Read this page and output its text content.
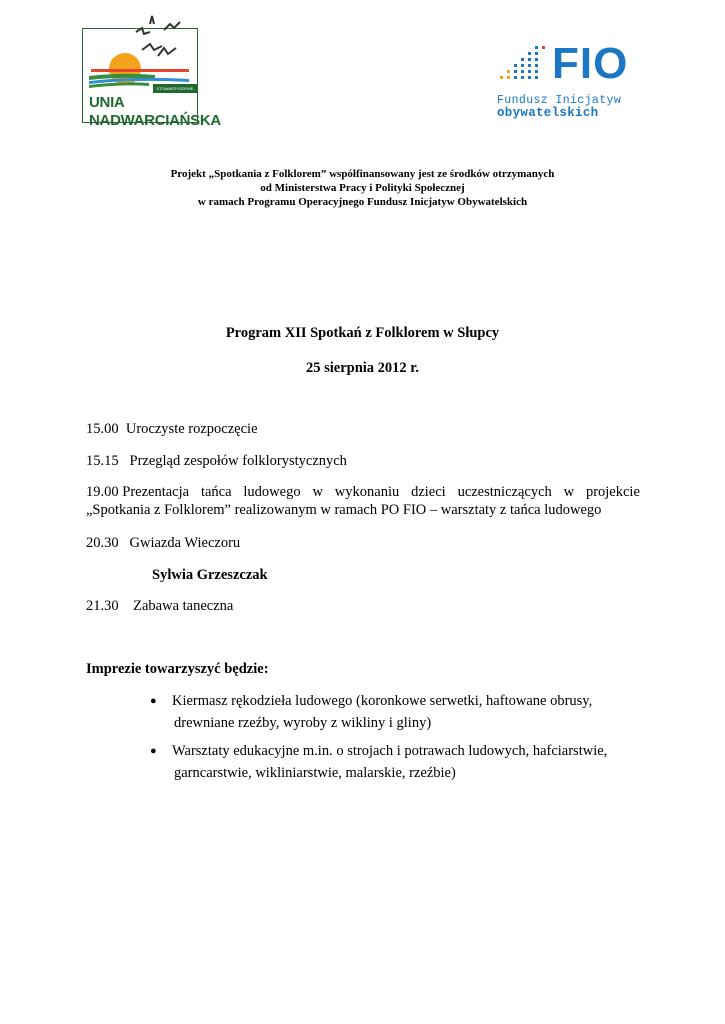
STOWARZYSZENIE
UNIA
NADWARCIAŃSKA
FIO
Fundusz Inicjatyw
obywatelskich
Projekt „Spotkania z Folklorem” współfinansowany jest ze środków otrzymanych
od Ministerstwa Pracy i Polityki Społecznej
w ramach Programu Operacyjnego Fundusz Inicjatyw Obywatelskich
Program XII Spotkań z Folklorem w Słupcy
25 sierpnia 2012 r.
15.00 Uroczyste rozpoczęcie
15.15 Przegląd zespołów folklorystycznych
19.00 Prezentacja tańca ludowego w wykonaniu dzieci uczestniczących w projekcie
„Spotkania z Folklorem” realizowanym w ramach PO FIO – warsztaty z tańca ludowego
20.30 Gwiazda Wieczoru
Sylwia Grzeszczak
21.30 Zabawa taneczna
Imprezie towarzyszyć będzie:
● Kiermasz rękodzieła ludowego (koronkowe serwetki, haftowane obrusy,
drewniane rzeźby, wyroby z wikliny i gliny)
● Warsztaty edukacyjne m.in. o strojach i potrawach ludowych, hafciarstwie,
garncarstwie, wikliniarstwie, malarskie, rzeźbie)
